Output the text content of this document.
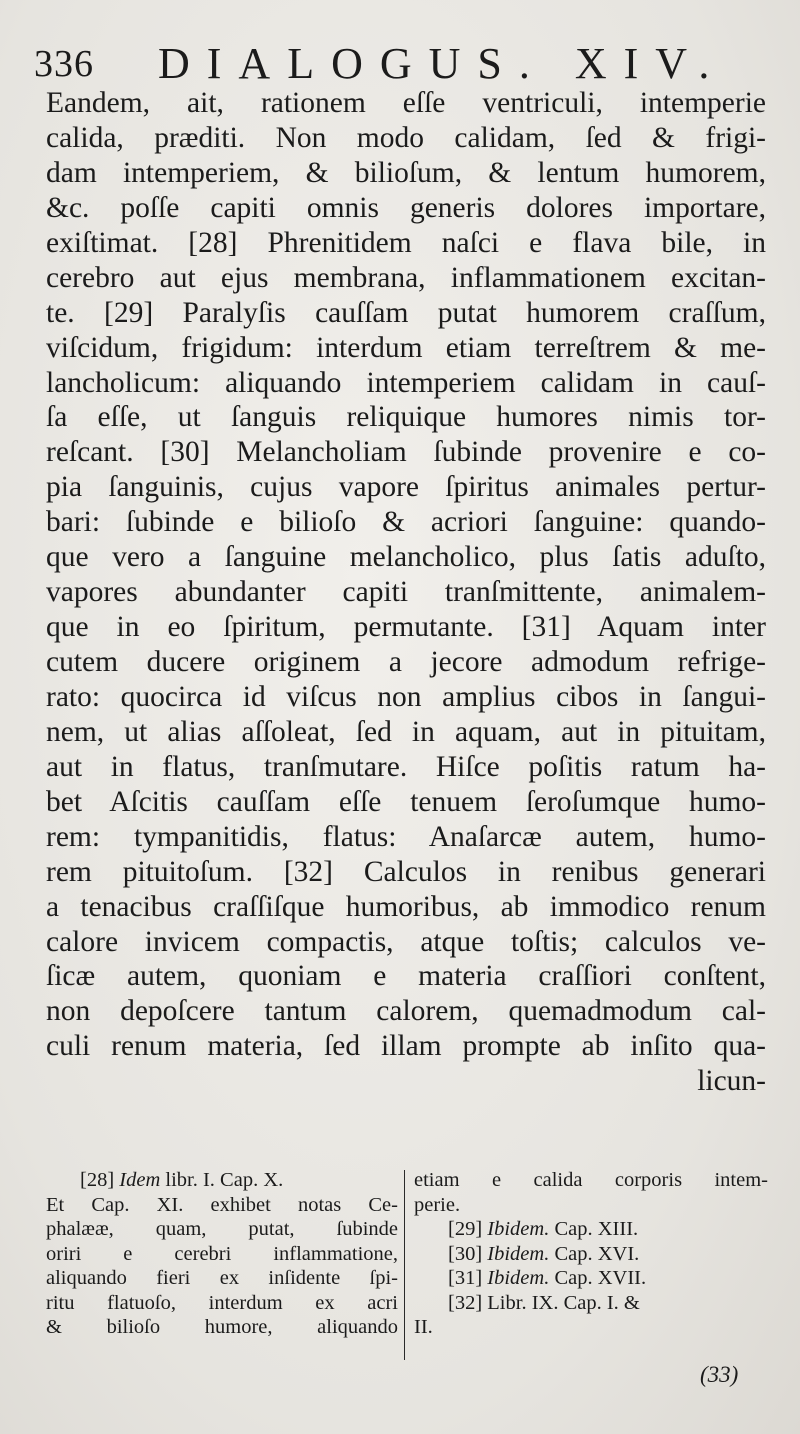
336 DIALOGUS. XIV.
Eandem, ait, rationem eſſe ventriculi, intemperie
calida, præditi. Non modo calidam, ſed & frigi-
dam intemperiem, & bilioſum, & lentum humorem,
&c. poſſe capiti omnis generis dolores importare,
exiſtimat. [28] Phrenitidem naſci e flava bile, in
cerebro aut ejus membrana, inflammationem excitan-
te. [29] Paralyſis cauſſam putat humorem craſſum,
viſcidum, frigidum: interdum etiam terreſtrem & me-
lancholicum: aliquando intemperiem calidam in cauſ-
ſa eſſe, ut ſanguis reliquique humores nimis tor-
reſcant. [30] Melancholiam ſubinde provenire e co-
pia ſanguinis, cujus vapore ſpiritus animales pertur-
bari: ſubinde e bilioſo & acriori ſanguine: quando-
que vero a ſanguine melancholico, plus ſatis aduſto,
vapores abundanter capiti tranſmittente, animalem-
que in eo ſpiritum, permutante. [31] Aquam inter
cutem ducere originem a jecore admodum refrige-
rato: quocirca id viſcus non amplius cibos in ſangui-
nem, ut alias aſſoleat, ſed in aquam, aut in pituitam,
aut in flatus, tranſmutare. Hiſce poſitis ratum ha-
bet Aſcitis cauſſam eſſe tenuem ſeroſumque humo-
rem: tympanitidis, flatus: Anaſarcæ autem, humo-
rem pituitoſum. [32] Calculos in renibus generari
a tenacibus craſſiſque humoribus, ab immodico renum
calore invicem compactis, atque toſtis; calculos ve-
ſicæ autem, quoniam e materia craſſiori conſtent,
non depoſcere tantum calorem, quemadmodum cal-
culi renum materia, ſed illam prompte ab inſito qua-
licun-
[28] Idem libr. I. Cap. X.
Et Cap. XI. exhibet notas Ce-
phalææ, quam, putat, ſubinde
oriri e cerebri inflammatione,
aliquando fieri ex inſidente ſpi-
ritu flatuoſo, interdum ex acri
& bilioſo humore, aliquando
etiam e calida corporis intem-
perie.
[29] Ibidem. Cap. XIII.
[30] Ibidem. Cap. XVI.
[31] Ibidem. Cap. XVII.
[32] Libr. IX. Cap. I. &
II.
(33)
